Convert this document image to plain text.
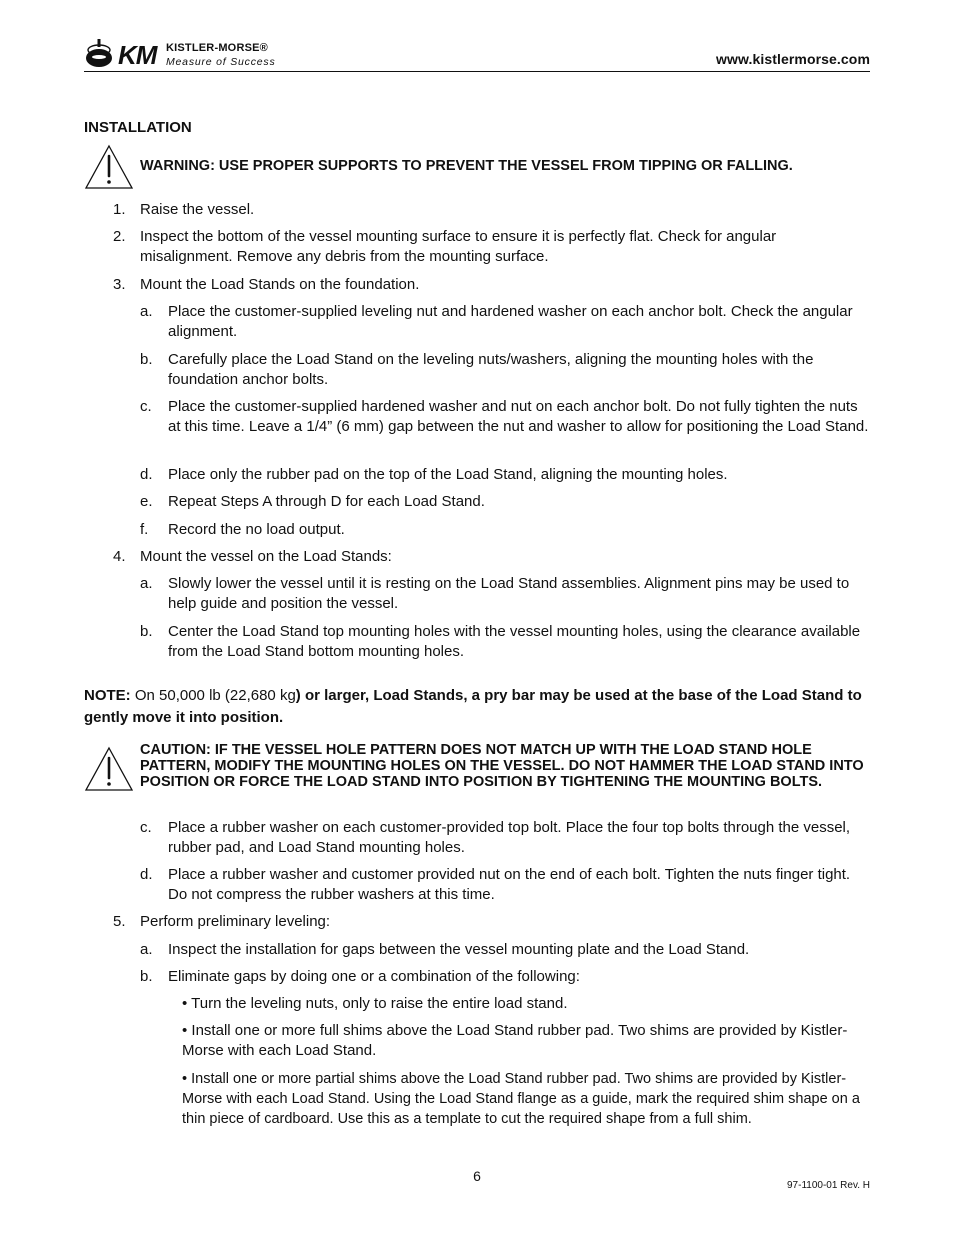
KM KISTLER-MORSE®
Measure of Success	www.kistlermorse.com
INSTALLATION
WARNING: USE PROPER SUPPORTS TO PREVENT THE VESSEL FROM TIPPING OR FALLING.
1. Raise the vessel.
2. Inspect the bottom of the vessel mounting surface to ensure it is perfectly flat. Check for angular misalignment. Remove any debris from the mounting surface.
3. Mount the Load Stands on the foundation.
a. Place the customer-supplied leveling nut and hardened washer on each anchor bolt. Check the angular alignment.
b. Carefully place the Load Stand on the leveling nuts/washers, aligning the mounting holes with the foundation anchor bolts.
c. Place the customer-supplied hardened washer and nut on each anchor bolt. Do not fully tighten the nuts at this time. Leave a 1/4” (6 mm) gap between the nut and washer to allow for positioning the Load Stand.
d. Place only the rubber pad on the top of the Load Stand, aligning the mounting holes.
e. Repeat Steps A through D for each Load Stand.
f. Record the no load output.
4. Mount the vessel on the Load Stands:
a. Slowly lower the vessel until it is resting on the Load Stand assemblies. Alignment pins may be used to help guide and position the vessel.
b. Center the Load Stand top mounting holes with the vessel mounting holes, using the clearance available from the Load Stand bottom mounting holes.
NOTE: On 50,000 lb (22,680 kg) or larger, Load Stands, a pry bar may be used at the base of the Load Stand to gently move it into position.
CAUTION: IF THE VESSEL HOLE PATTERN DOES NOT MATCH UP WITH THE LOAD STAND HOLE PATTERN, MODIFY THE MOUNTING HOLES ON THE VESSEL. DO NOT HAMMER THE LOAD STAND INTO POSITION OR FORCE THE LOAD STAND INTO POSITION BY TIGHTENING THE MOUNTING BOLTS.
c. Place a rubber washer on each customer-provided top bolt. Place the four top bolts through the vessel, rubber pad, and Load Stand mounting holes.
d. Place a rubber washer and customer provided nut on the end of each bolt. Tighten the nuts finger tight. Do not compress the rubber washers at this time.
5. Perform preliminary leveling:
a. Inspect the installation for gaps between the vessel mounting plate and the Load Stand.
b. Eliminate gaps by doing one or a combination of the following:
• Turn the leveling nuts, only to raise the entire load stand.
• Install one or more full shims above the Load Stand rubber pad. Two shims are provided by Kistler-Morse with each Load Stand.
• Install one or more partial shims above the Load Stand rubber pad. Two shims are provided by Kistler-Morse with each Load Stand. Using the Load Stand flange as a guide, mark the required shim shape on a thin piece of cardboard. Use this as a template to cut the required shape from a full shim.
6
97-1100-01 Rev. H
